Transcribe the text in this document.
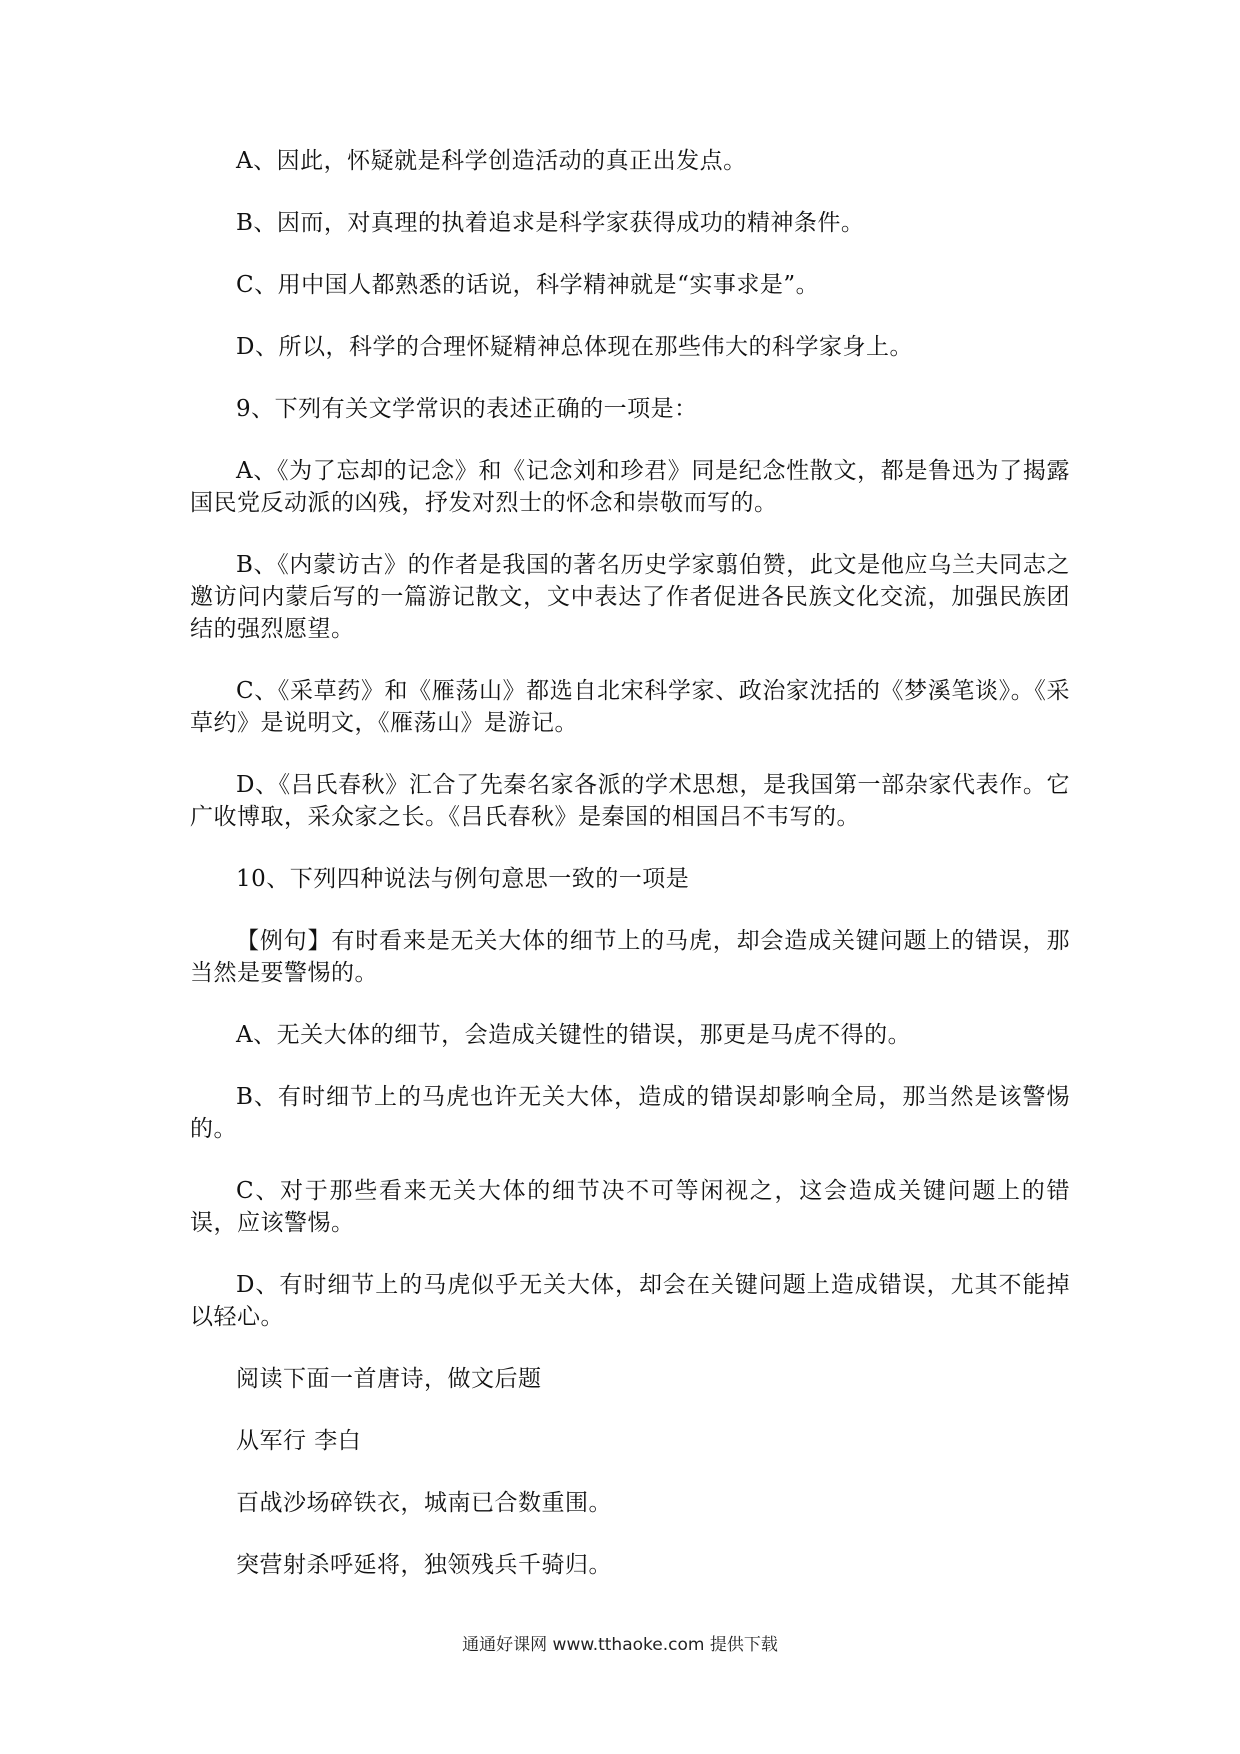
A、因此，怀疑就是科学创造活动的真正出发点。

B、因而，对真理的执着追求是科学家获得成功的精神条件。

C、用中国人都熟悉的话说，科学精神就是“实事求是”。

D、所以，科学的合理怀疑精神总体现在那些伟大的科学家身上。

9、下列有关文学常识的表述正确的一项是：

A、《为了忘却的记念》和《记念刘和珍君》同是纪念性散文，都是鲁迅为了揭露国民党反动派的凶残，抒发对烈士的怀念和崇敬而写的。

B、《内蒙访古》的作者是我国的著名历史学家翦伯赞，此文是他应乌兰夫同志之邀访问内蒙后写的一篇游记散文，文中表达了作者促进各民族文化交流，加强民族团结的强烈愿望。

C、《采草药》和《雁荡山》都选自北宋科学家、政治家沈括的《梦溪笔谈》。《采草约》是说明文，《雁荡山》是游记。

D、《吕氏春秋》汇合了先秦名家各派的学术思想，是我国第一部杂家代表作。它广收博取，采众家之长。《吕氏春秋》是秦国的相国吕不韦写的。

10、下列四种说法与例句意思一致的一项是

【例句】有时看来是无关大体的细节上的马虎，却会造成关键问题上的错误，那当然是要警惕的。

A、无关大体的细节，会造成关键性的错误，那更是马虎不得的。

B、有时细节上的马虎也许无关大体，造成的错误却影响全局，那当然是该警惕的。

C、对于那些看来无关大体的细节决不可等闲视之，这会造成关键问题上的错误，应该警惕。

D、有时细节上的马虎似乎无关大体，却会在关键问题上造成错误，尤其不能掉以轻心。

阅读下面一首唐诗，做文后题

从军行 李白

百战沙场碎铁衣，城南已合数重围。

突营射杀呼延将，独领残兵千骑归。

通通好课网 www.tthaoke.com 提供下载
